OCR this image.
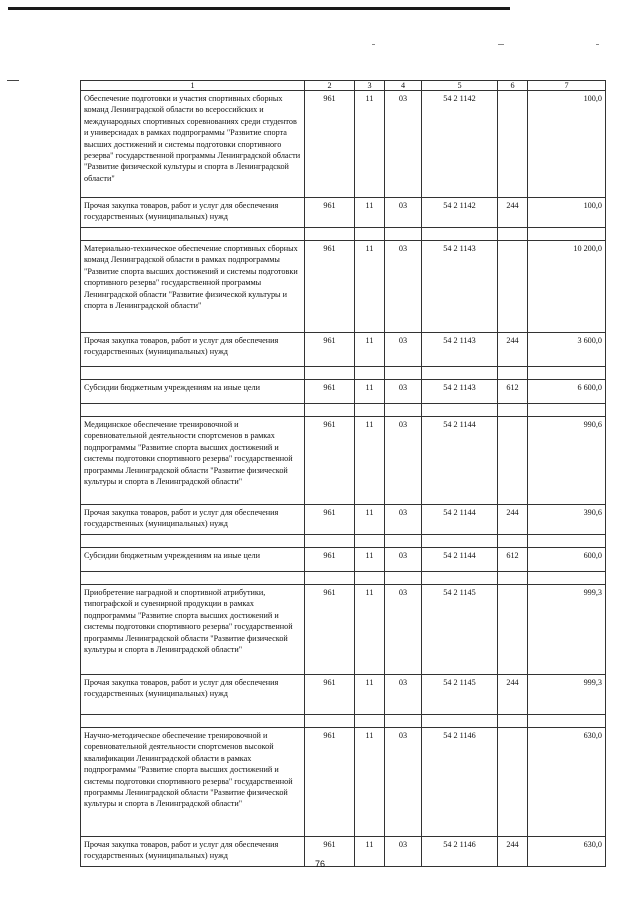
1	2	3	4	5	6	7
Обеспечение подготовки и участия спортивных сборных команд Ленинградской области во всероссийских и международных спортивных соревнованиях среди студентов и универсиадах в рамках подпрограммы "Развитие спорта высших достижений и системы подготовки спортивного резерва" государственной программы Ленинградской области "Развитие физической культуры и спорта в Ленинградской области"	961	11	03	54 2 1142		100,0
Прочая закупка товаров, работ и услуг для обеспечения государственных (муниципальных) нужд	961	11	03	54 2 1142	244	100,0

Материально-техническое обеспечение спортивных сборных команд Ленинградской области в рамках подпрограммы "Развитие спорта высших достижений и системы подготовки спортивного резерва" государственной программы Ленинградской области "Развитие физической культуры и спорта в Ленинградской области"	961	11	03	54 2 1143		10 200,0
Прочая закупка товаров, работ и услуг для обеспечения государственных (муниципальных) нужд	961	11	03	54 2 1143	244	3 600,0

Субсидии бюджетным учреждениям на иные цели	961	11	03	54 2 1143	612	6 600,0

Медицинское обеспечение тренировочной и соревновательной деятельности спортсменов в рамках подпрограммы "Развитие спорта высших достижений и системы подготовки спортивного резерва" государственной программы Ленинградской области "Развитие физической культуры и спорта в Ленинградской области"	961	11	03	54 2 1144		990,6
Прочая закупка товаров, работ и услуг для обеспечения государственных (муниципальных) нужд	961	11	03	54 2 1144	244	390,6

Субсидии бюджетным учреждениям на иные цели	961	11	03	54 2 1144	612	600,0

Приобретение наградной и спортивной атрибутики, типографской и сувенирной продукции в рамках подпрограммы "Развитие спорта высших достижений и системы подготовки спортивного резерва" государственной программы Ленинградской области "Развитие физической культуры и спорта в Ленинградской области"	961	11	03	54 2 1145		999,3
Прочая закупка товаров, работ и услуг для обеспечения государственных (муниципальных) нужд	961	11	03	54 2 1145	244	999,3

Научно-методическое обеспечение тренировочной и соревновательной деятельности спортсменов высокой квалификации Ленинградской области в рамках подпрограммы "Развитие спорта высших достижений и системы подготовки спортивного резерва" государственной программы Ленинградской области "Развитие физической культуры и спорта в Ленинградской области"	961	11	03	54 2 1146		630,0
Прочая закупка товаров, работ и услуг для обеспечения государственных (муниципальных) нужд	961	11	03	54 2 1146	244	630,0
76
